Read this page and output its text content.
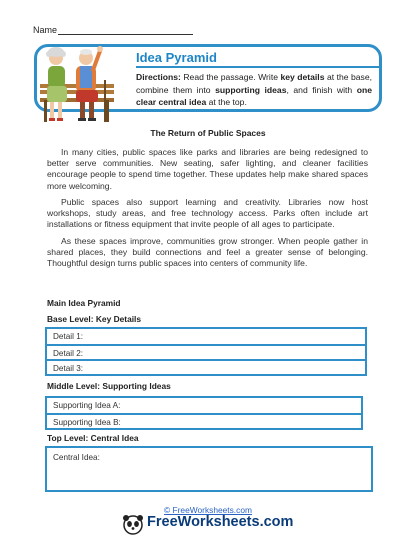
Name
Idea Pyramid
Directions: Read the passage. Write key details at the base, combine them into supporting ideas, and finish with one clear central idea at the top.
The Return of Public Spaces
In many cities, public spaces like parks and libraries are being redesigned to better serve communities. New seating, safer lighting, and cleaner facilities encourage people to spend time together. These updates help make shared spaces more welcoming.
Public spaces also support learning and creativity. Libraries now host workshops, study areas, and free technology access. Parks often include art installations or fitness equipment that invite people of all ages to participate.
As these spaces improve, communities grow stronger. When people gather in shared places, they build connections and feel a greater sense of belonging. Thoughtful design turns public spaces into centers of community life.
Main Idea Pyramid
Base Level: Key Details
Detail 1:
Detail 2:
Detail 3:
Middle Level: Supporting Ideas
Supporting Idea A:
Supporting Idea B:
Top Level: Central Idea
Central Idea:
© FreeWorksheets.com
FreeWorksheets.com
